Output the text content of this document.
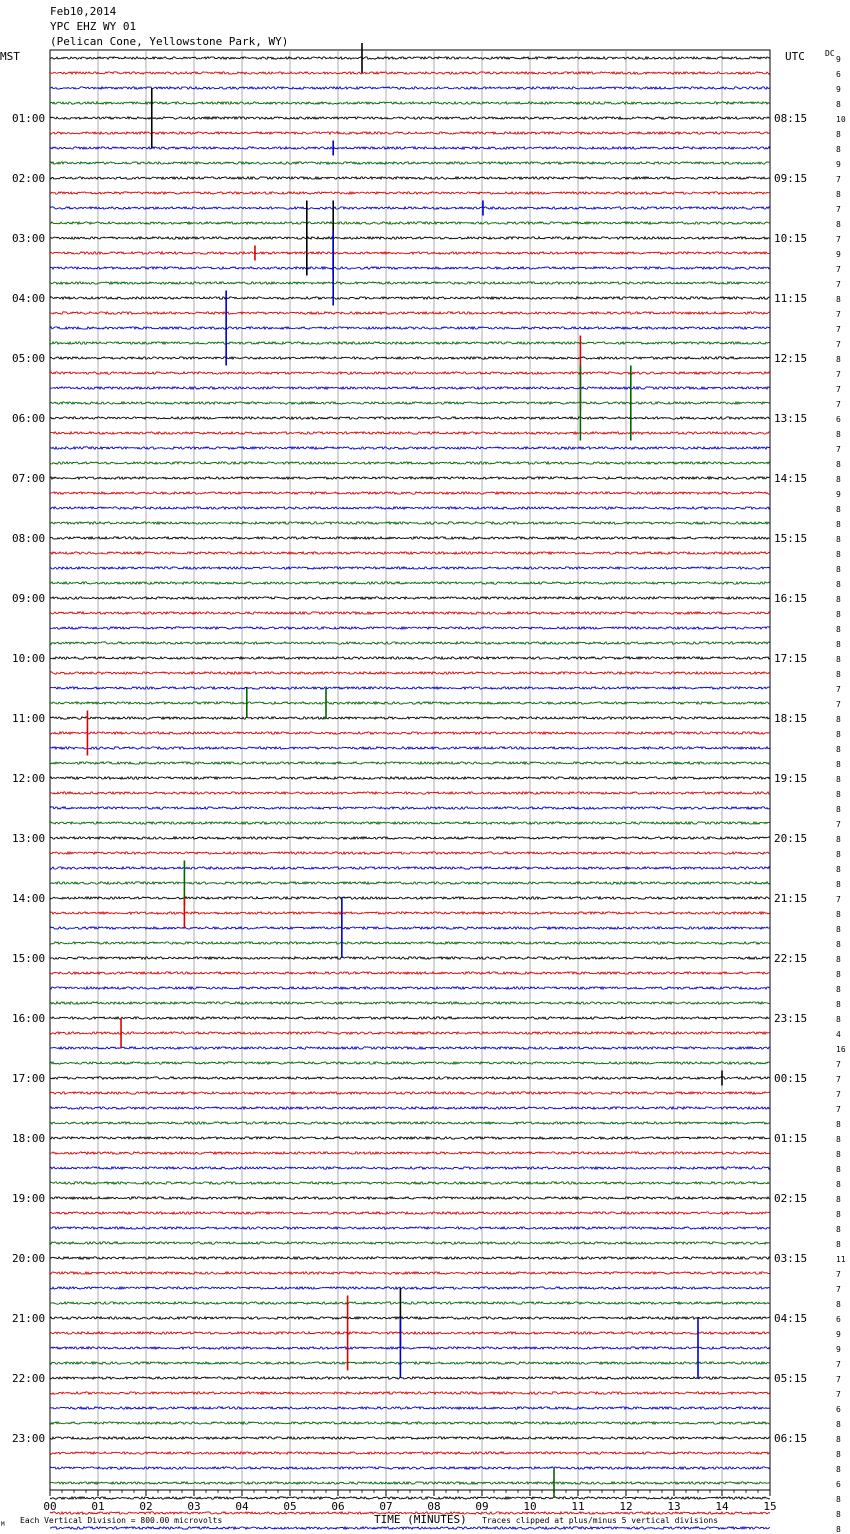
Feb10,2014
YPC EHZ WY 01
(Pelican Cone, Yellowstone Park, WY)
MST	UTC	DC
01:00
02:00
03:00
04:00
05:00
06:00
07:00
08:00
09:00
10:00
11:00
12:00
13:00
14:00
15:00
16:00
17:00
18:00
19:00
20:00
21:00
22:00
23:00
08:15
09:15
10:15
11:15
12:15
13:15
14:15
15:15
16:15
17:15
18:15
19:15
20:15
21:15
22:15
23:15
00:15
01:15
02:15
03:15
04:15
05:15
06:15
9
6
9
8
10
8
8
9
7
8
7
8
7
9
7
7
8
7
7
7
8
7
7
7
6
8
7
8
8
9
8
8
8
8
8
8
8
8
8
8
8
8
7
7
8
8
8
8
8
8
8
7
8
8
8
8
7
8
8
8
8
8
8
8
8
4
16
7
7
7
7
8
8
8
8
8
8
8
8
8
11
7
7
8
6
9
9
7
7
7
6
8
8
8
8
6
8
8
8
00	01	02	03	04	05	06	07	08	09	10	11	12	13	14	15
M Each Vertical Division = 800.00 microvolts	TIME (MINUTES) Traces clipped at plus/minus 5 vertical divisions
